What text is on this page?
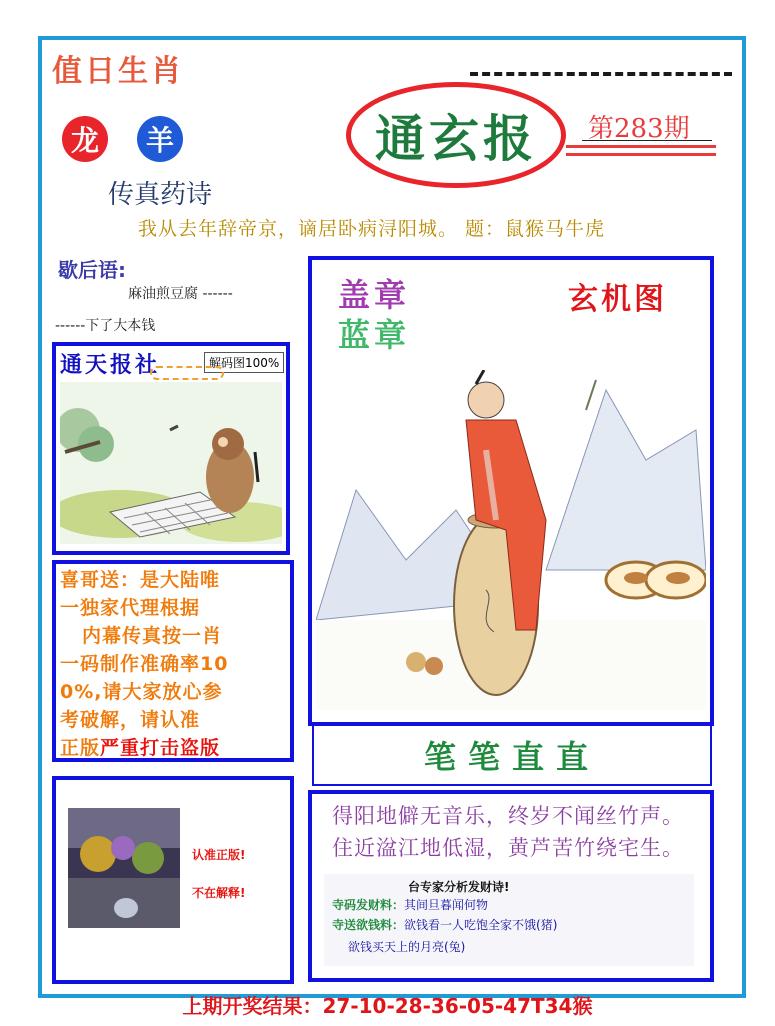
值日生肖
龙	羊
传真药诗
通玄报 第283期
我从去年辞帝京，谪居卧病浔阳城。 题：鼠猴马牛虎
歇后语:
麻油煎豆腐 ------
------下了大本钱
通天报社	解码图100%
喜哥送：是大陆唯
一独家代理根据
内幕传真按一肖
一码制作准确率10
0%,请大家放心参
考破解，请认准
正版严重打击盗版
认准正版!
不在解释!
盖章
蓝章
玄机图
笔笔直直
得阳地僻无音乐，终岁不闻丝竹声。
住近湓江地低湿，黄芦苦竹绕宅生。
台专家分析发财诗!
寺码发财料：其间旦暮闻何物
寺送欲钱料：欲钱看一人吃饱全家不饿(猪)
欲钱买天上的月亮(兔)
上期开奖结果：27-10-28-36-05-47T34猴
